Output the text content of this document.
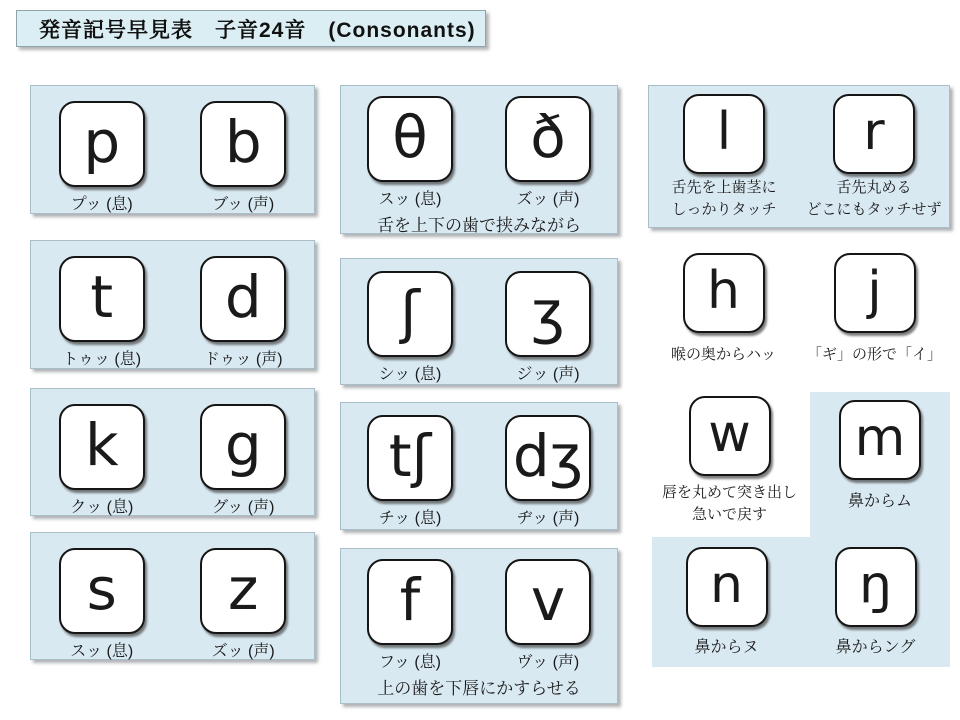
発音記号早見表　子音24音　(Consonants)
p
プッ (息)
b
ブッ (声)
t
トゥッ (息)
d
ドゥッ (声)
k
クッ (息)
g
グッ (声)
s
スッ (息)
z
ズッ (声)
θ
スッ (息)
ð
ズッ (声)
舌を上下の歯で挟みながら
ʃ
シッ (息)
ʒ
ジッ (声)
tʃ
チッ (息)
dʒ
ヂッ (声)
f
フッ (息)
v
ヴッ (声)
上の歯を下唇にかすらせる
l
舌先を上歯茎に
しっかりタッチ
r
舌先丸める
どこにもタッチせず
h
喉の奥からハッ
j
「ギ」の形で「イ」
w
唇を丸めて突き出し
急いで戻す
m
鼻からム
n
鼻からヌ
ŋ
鼻からング
